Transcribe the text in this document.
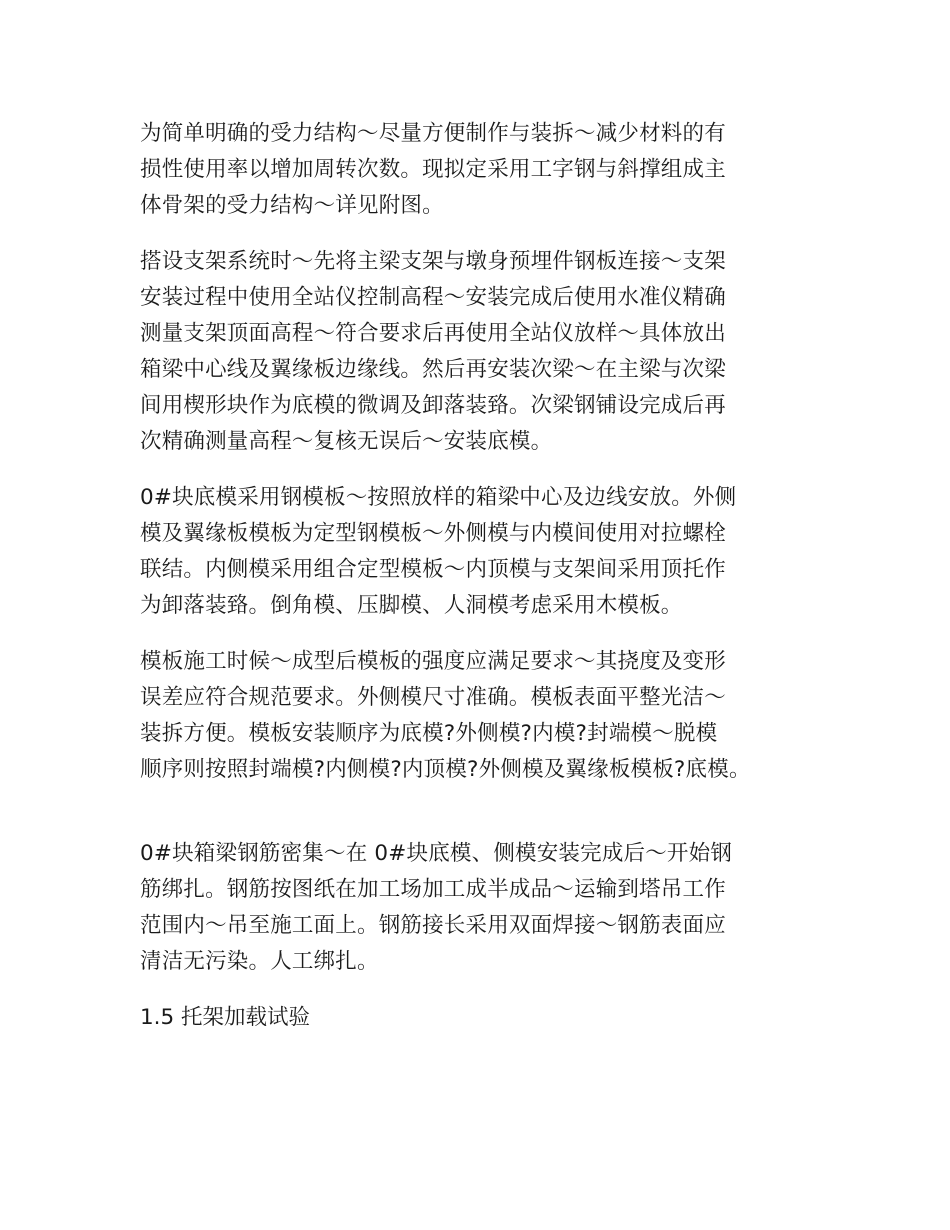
为简单明确的受力结构～尽量方便制作与装拆～减少材料的有
损性使用率以增加周转次数。现拟定采用工字钢与斜撑组成主
体骨架的受力结构～详见附图。

搭设支架系统时～先将主梁支架与墩身预埋件钢板连接～支架
安装过程中使用全站仪控制高程～安装完成后使用水准仪精确
测量支架顶面高程～符合要求后再使用全站仪放样～具体放出
箱梁中心线及翼缘板边缘线。然后再安装次梁～在主梁与次梁
间用楔形块作为底模的微调及卸落装臵。次梁钢铺设完成后再
次精确测量高程～复核无误后～安装底模。

0#块底模采用钢模板～按照放样的箱梁中心及边线安放。外侧
模及翼缘板模板为定型钢模板～外侧模与内模间使用对拉螺栓
联结。内侧模采用组合定型模板～内顶模与支架间采用顶托作
为卸落装臵。倒角模、压脚模、人洞模考虑采用木模板。

模板施工时候～成型后模板的强度应满足要求～其挠度及变形
误差应符合规范要求。外侧模尺寸准确。模板表面平整光洁～
装拆方便。模板安装顺序为底模?外侧模?内模?封端模～脱模
顺序则按照封端模?内侧模?内顶模?外侧模及翼缘板模板?底模。

0#块箱梁钢筋密集～在 0#块底模、侧模安装完成后～开始钢
筋绑扎。钢筋按图纸在加工场加工成半成品～运输到塔吊工作
范围内～吊至施工面上。钢筋接长采用双面焊接～钢筋表面应
清洁无污染。人工绑扎。

1.5 托架加载试验
